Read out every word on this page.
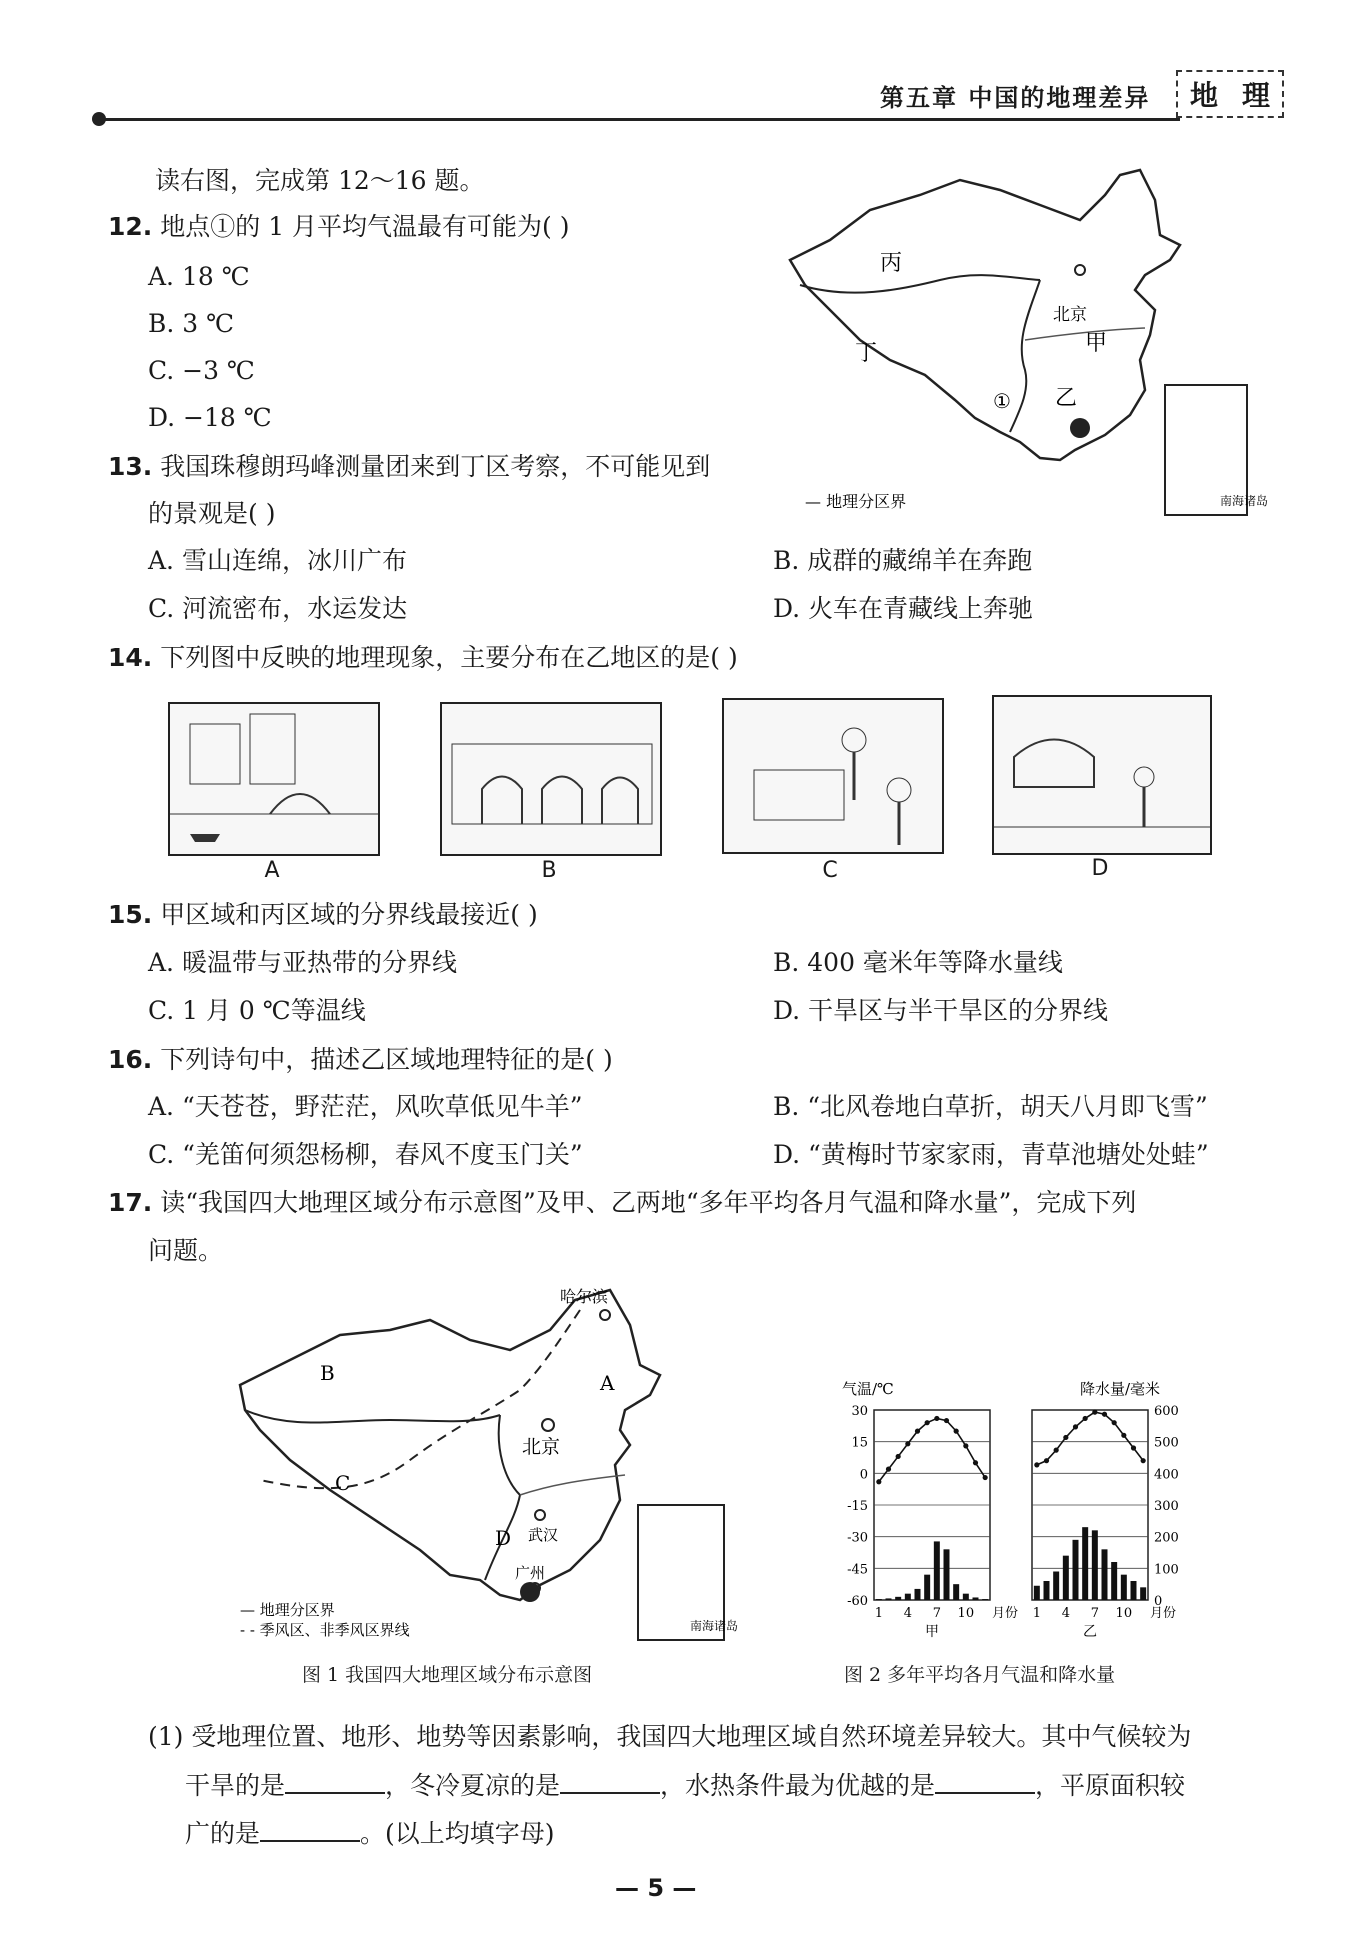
第五章 中国的地理差异 地 理
读右图，完成第 12～16 题。
12. 地点①的 1 月平均气温最有可能为( )
A. 18 ℃
B. 3 ℃
C. −3 ℃
D. −18 ℃
丙
丁	甲
乙
北京
①
— 地理分区界	南海诸岛
13. 我国珠穆朗玛峰测量团来到丁区考察，不可能见到
的景观是( )
A. 雪山连绵，冰川广布	B. 成群的藏绵羊在奔跑
C. 河流密布，水运发达	D. 火车在青藏线上奔驰
14. 下列图中反映的地理现象，主要分布在乙地区的是( )
A	B	C	D
15. 甲区域和丙区域的分界线最接近( )
A. 暖温带与亚热带的分界线	B. 400 毫米年等降水量线
C. 1 月 0 ℃等温线	D. 干旱区与半干旱区的分界线
16. 下列诗句中，描述乙区域地理特征的是( )
A. “天苍苍，野茫茫，风吹草低见牛羊”	B. “北风卷地白草折，胡天八月即飞雪”
C. “羌笛何须怨杨柳，春风不度玉门关”	D. “黄梅时节家家雨，青草池塘处处蛙”
17. 读“我国四大地理区域分布示意图”及甲、乙两地“多年平均各月气温和降水量”，完成下列
问题。
B	A
C
D
哈尔滨
北京
武汉
广州
— 地理分区界
- - 季风区、非季风区界线	南海诸岛
图 1 我国四大地理区域分布示意图
气温/℃	降水量/毫米
30
15
0
-15
-30
-45
-60
600
500
400
300
200
100
0
1 4 7 10 月份
甲
1 4 7 10 月份
乙
图 2 多年平均各月气温和降水量
(1) 受地理位置、地形、地势等因素影响，我国四大地理区域自然环境差异较大。其中气候较为
干旱的是	，冬冷夏凉的是	，水热条件最为优越的是	，平原面积较
广的是	。(以上均填字母)
— 5 —
